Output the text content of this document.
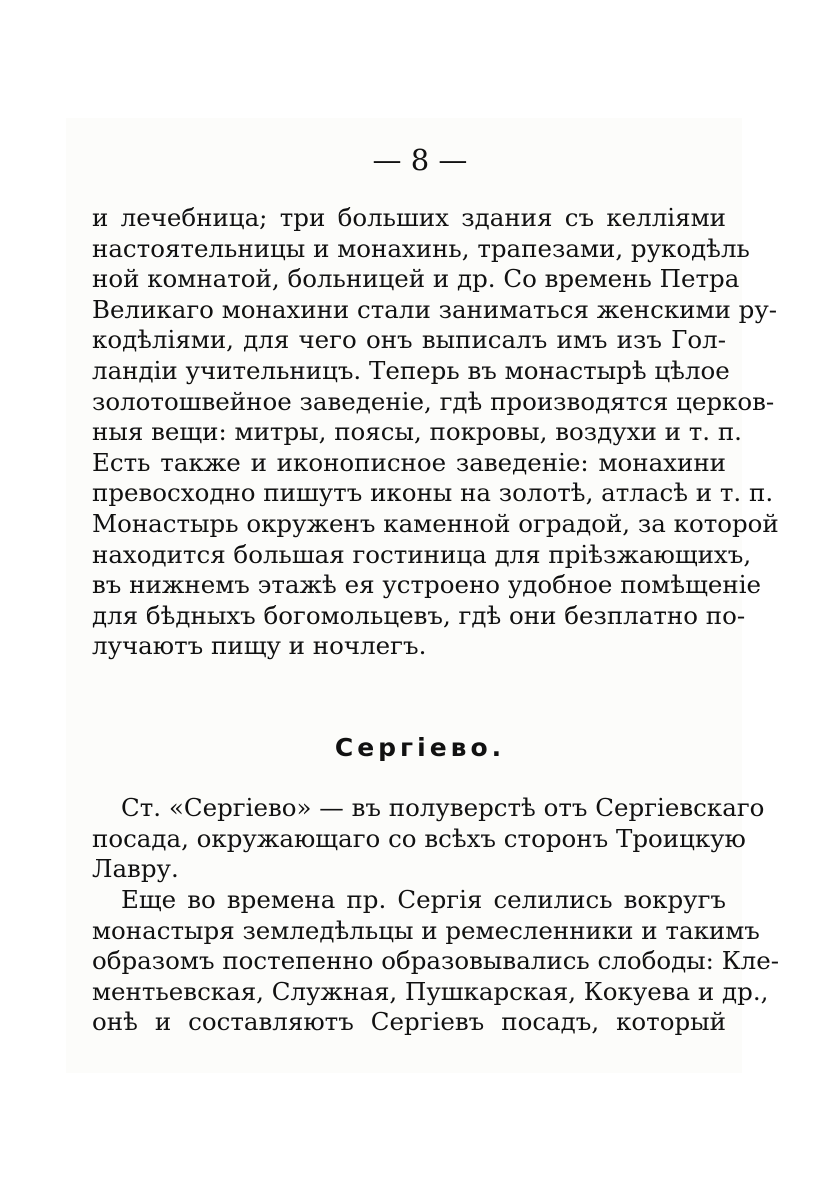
— 8 —
и лечебница; три больших здания съ келліями
настоятельницы и монахинь, трапезами, рукодѣль
ной комнатой, больницей и др. Со времень Петра
Великаго монахини стали заниматься женскими ру-
кодѣліями, для чего онъ выписалъ имъ изъ Гол-
ландіи учительницъ. Теперь въ монастырѣ цѣлое
золотошвейное заведеніе, гдѣ производятся церков-
ныя вещи: митры, поясы, покровы, воздухи и т. п.
Есть также и иконописное заведеніе: монахини
превосходно пишутъ иконы на золотѣ, атласѣ и т. п.
Монастырь окруженъ каменной оградой, за которой
находится большая гостиница для пріѣзжающихъ,
въ нижнемъ этажѣ ея устроено удобное помѣщеніе
для бѣдныхъ богомольцевъ, гдѣ они безплатно по-
лучаютъ пищу и ночлегъ.
Сергіево.
Ст. «Сергіево» — въ полуверстѣ отъ Сергіевскаго
посада, окружающаго со всѣхъ сторонъ Троицкую
Лавру.
Еще во времена пр. Сергія селились вокругъ
монастыря земледѣльцы и ремесленники и такимъ
образомъ постепенно образовывались слободы: Кле-
ментьевская, Служная, Пушкарская, Кокуева и др.,
онѣ и составляютъ Сергіевъ посадъ, который
